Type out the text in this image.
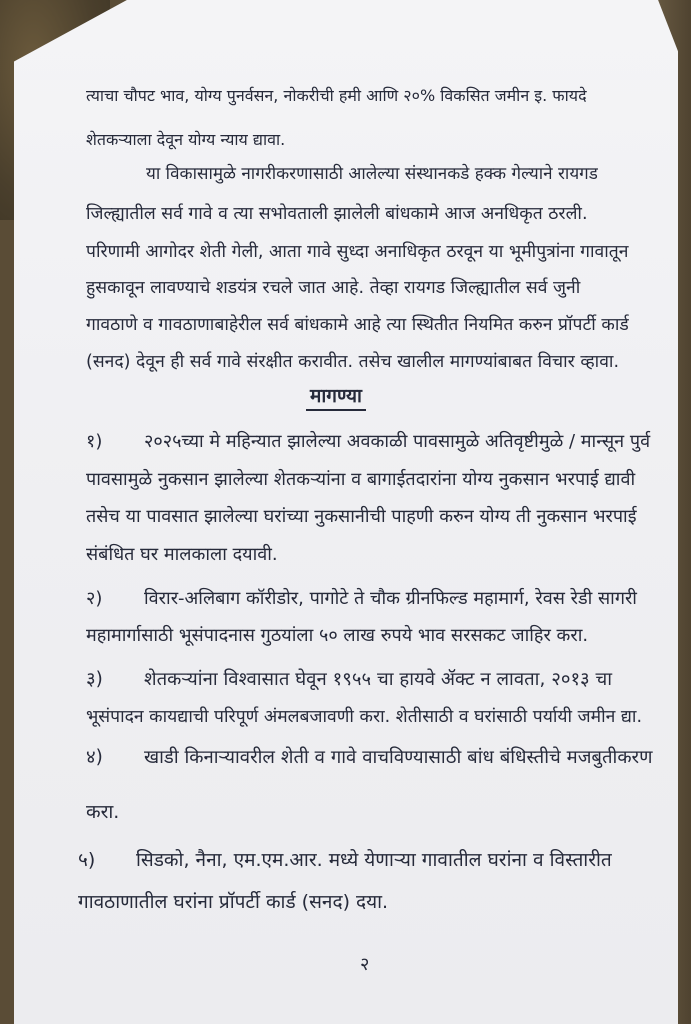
त्याचा चौपट भाव, योग्य पुनर्वसन, नोकरीची हमी आणि २०% विकसित जमीन इ. फायदे
शेतकऱ्याला देवून योग्य न्याय द्यावा.
या विकासामुळे नागरीकरणासाठी आलेल्या संस्थानकडे हक्क गेल्याने रायगड
जिल्ह्यातील सर्व गावे व त्या सभोवताली झालेली बांधकामे आज अनधिकृत ठरली.
परिणामी आगोदर शेती गेली, आता गावे सुध्दा अनाधिकृत ठरवून या भूमीपुत्रांना गावातून
हुसकावून लावण्याचे शडयंत्र रचले जात आहे. तेव्हा रायगड जिल्ह्यातील सर्व जुनी
गावठाणे व गावठाणाबाहेरील सर्व बांधकामे आहे त्या स्थितीत नियमित करुन प्रॉपर्टी कार्ड
(सनद) देवून ही सर्व गावे संरक्षीत करावीत. तसेच खालील मागण्यांबाबत विचार व्हावा.
मागण्या
१) २०२५च्या मे महिन्यात झालेल्या अवकाळी पावसामुळे अतिवृष्टीमुळे / मान्सून पुर्व
पावसामुळे नुकसान झालेल्या शेतकऱ्यांना व बागाईतदारांना योग्य नुकसान भरपाई द्यावी
तसेच या पावसात झालेल्या घरांच्या नुकसानीची पाहणी करुन योग्य ती नुकसान भरपाई
संबंधित घर मालकाला दयावी.
२) विरार-अलिबाग कॉरीडोर, पागोटे ते चौक ग्रीनफिल्ड महामार्ग, रेवस रेडी सागरी
महामार्गासाठी भूसंपादनास गुठयांला ५० लाख रुपये भाव सरसकट जाहिर करा.
३) शेतकऱ्यांना विश्वासात घेवून १९५५ चा हायवे ॲक्ट न लावता, २०१३ चा
भूसंपादन कायद्याची परिपूर्ण अंमलबजावणी करा. शेतीसाठी व घरांसाठी पर्यायी जमीन द्या.
४) खाडी किनाऱ्यावरील शेती व गावे वाचविण्यासाठी बांध बंधिस्तीचे मजबुतीकरण
करा.
५) सिडको, नैना, एम.एम.आर. मध्ये येणाऱ्या गावातील घरांना व विस्तारीत
गावठाणातील घरांना प्रॉपर्टी कार्ड (सनद) दया.
२
